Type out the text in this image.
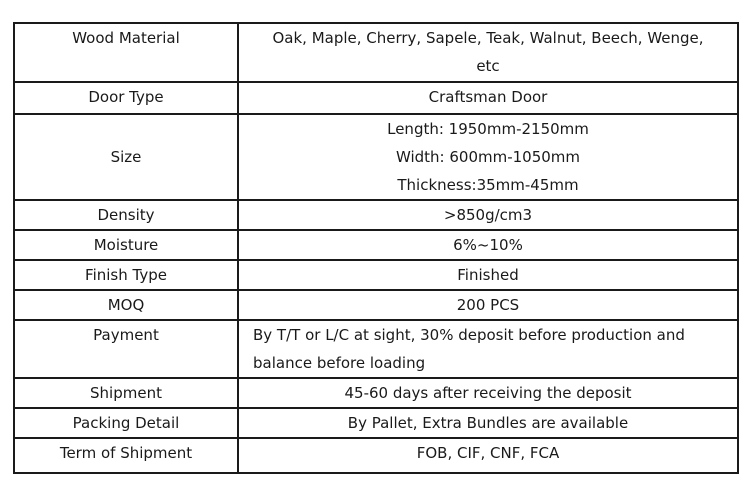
Wood Material	Oak, Maple, Cherry, Sapele, Teak, Walnut, Beech, Wenge,
etc

Door Type	Craftsman Door

Size	Length: 1950mm-2150mm
Width: 600mm-1050mm
Thickness:35mm-45mm

Density	>850g/cm3

Moisture	6%~10%

Finish Type	Finished

MOQ	200 PCS

Payment	By T/T or L/C at sight, 30% deposit before production and
balance before loading

Shipment	45-60 days after receiving the deposit

Packing Detail	By Pallet, Extra Bundles are available

Term of Shipment	FOB, CIF, CNF, FCA
